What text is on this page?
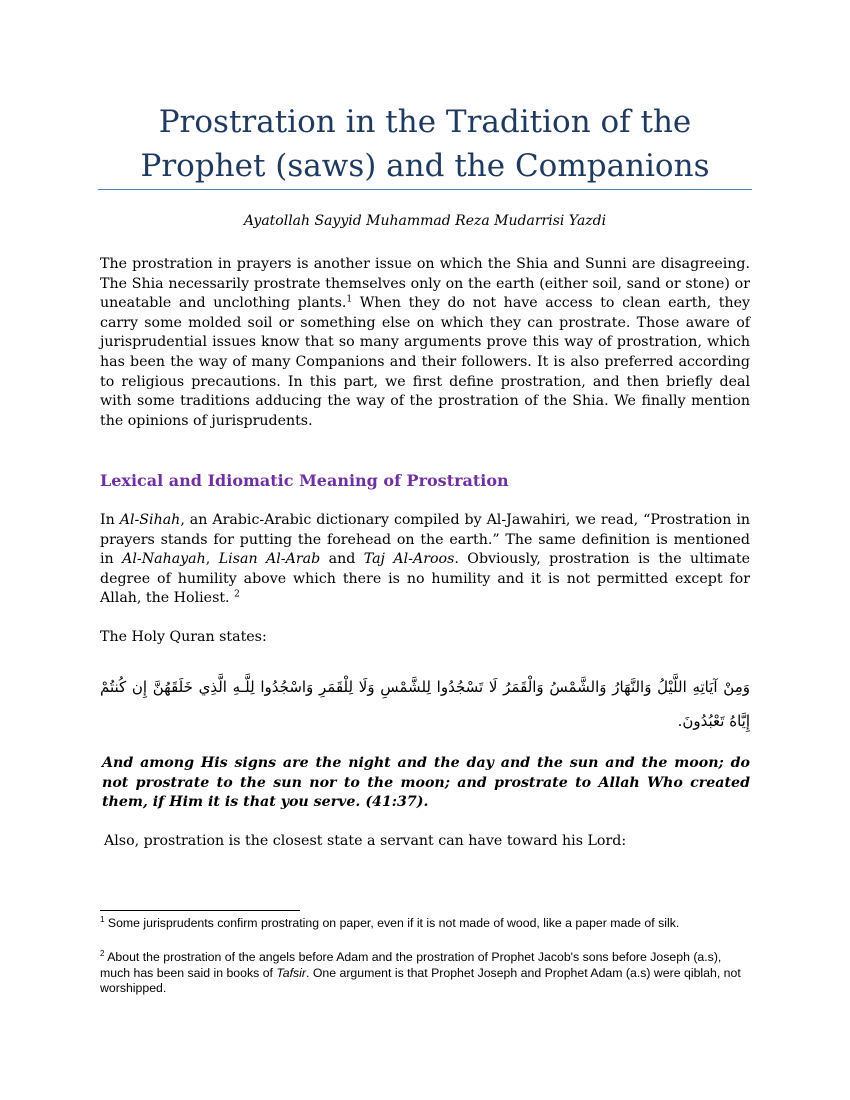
Prostration in the Tradition of the
Prophet (saws) and the Companions
Ayatollah Sayyid Muhammad Reza Mudarrisi Yazdi

The prostration in prayers is another issue on which the Shia and Sunni are disagreeing. The Shia necessarily prostrate themselves only on the earth (either soil, sand or stone) or uneatable and unclothing plants.$^1$ When they do not have access to clean earth, they carry some molded soil or something else on which they can prostrate. Those aware of jurisprudential issues know that so many arguments prove this way of prostration, which has been the way of many Companions and their followers. It is also preferred according to religious precautions. In this part, we first define prostration, and then briefly deal with some traditions adducing the way of the prostration of the Shia. We finally mention the opinions of jurisprudents.

Lexical and Idiomatic Meaning of Prostration

In Al-Sihah, an Arabic-Arabic dictionary compiled by Al-Jawahiri, we read, “Prostration in prayers stands for putting the forehead on the earth.” The same definition is mentioned in Al-Nahayah, Lisan Al-Arab and Taj Al-Aroos. Obviously, prostration is the ultimate degree of humility above which there is no humility and it is not permitted except for Allah, the Holiest. $^2$

The Holy Quran states:

وَمِنْ آيَاتِهِ اللَّيْلُ وَالنَّهَارُ وَالشَّمْسُ وَالْقَمَرُ لَا تَسْجُدُوا لِلشَّمْسِ وَلَا لِلْقَمَرِ وَاسْجُدُوا لِلَّـهِ الَّذِي خَلَقَهُنَّ إِن كُنتُمْ إِيَّاهُ تَعْبُدُونَ.

And among His signs are the night and the day and the sun and the moon; do not prostrate to the sun nor to the moon; and prostrate to Allah Who created them, if Him it is that you serve. (41:37).

Also, prostration is the closest state a servant can have toward his Lord:

$^1$ Some jurisprudents confirm prostrating on paper, even if it is not made of wood, like a paper made of silk.

$^2$ About the prostration of the angels before Adam and the prostration of Prophet Jacob's sons before Joseph (a.s), much has been said in books of Tafsir. One argument is that Prophet Joseph and Prophet Adam (a.s) were qiblah, not worshipped.
